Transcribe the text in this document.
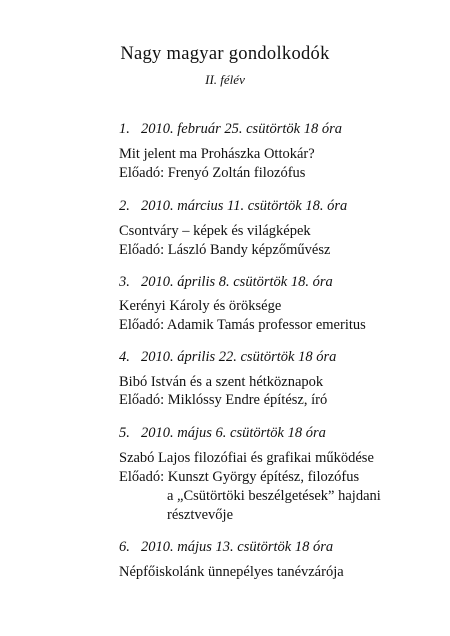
Nagy magyar gondolkodók
II. félév
1. 2010. február 25. csütörtök 18 óra
Mit jelent ma Prohászka Ottokár?
Előadó: Frenyó Zoltán filozófus
2. 2010. március 11. csütörtök 18. óra
Csontváry – képek és világképek
Előadó: László Bandy képzőművész
3. 2010. április 8. csütörtök 18. óra
Kerényi Károly és öröksége
Előadó: Adamik Tamás professor emeritus
4. 2010. április 22. csütörtök 18 óra
Bibó István és a szent hétköznapok
Előadó: Miklóssy Endre építész, író
5. 2010. május 6. csütörtök 18 óra
Szabó Lajos filozófiai és grafikai működése
Előadó: Kunszt György építész, filozófus
a „Csütörtöki beszélgetések” hajdani
résztvevője
6. 2010. május 13. csütörtök 18 óra
Népfőiskolánk ünnepélyes tanévzárója
